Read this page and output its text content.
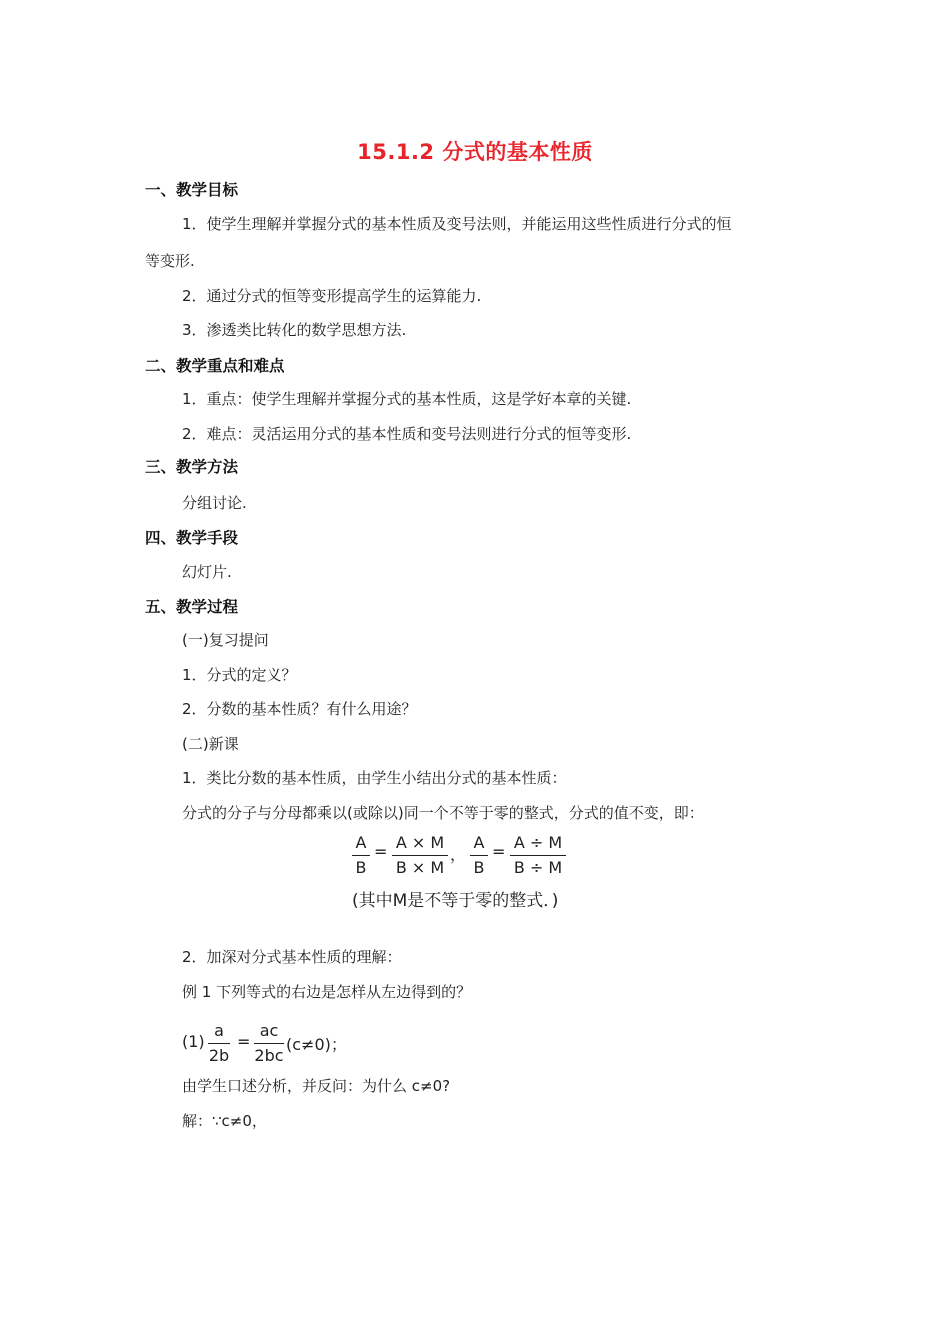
15.1.2 分式的基本性质
一、教学目标
1．使学生理解并掌握分式的基本性质及变号法则，并能运用这些性质进行分式的恒
等变形.
2．通过分式的恒等变形提高学生的运算能力.
3．渗透类比转化的数学思想方法.
二、教学重点和难点
1．重点：使学生理解并掌握分式的基本性质，这是学好本章的关键.
2．难点：灵活运用分式的基本性质和变号法则进行分式的恒等变形.
三、教学方法
分组讨论.
四、教学手段
幻灯片.
五、教学过程
(一)复习提问
1．分式的定义？
2．分数的基本性质？有什么用途？
(二)新课
1．类比分数的基本性质，由学生小结出分式的基本性质：
分式的分子与分母都乘以(或除以)同一个不等于零的整式，分式的值不变，即：
A
B
= A × M
B × M
，
A
B
= A ÷ M
B ÷ M
(其中M是不等于零的整式．)
2．加深对分式基本性质的理解：
例 1 下列等式的右边是怎样从左边得到的？
(1)
a
2b
=
ac
2bc
(c≠0)；
由学生口述分析，并反问：为什么 c≠0?
解：∵c≠0，
